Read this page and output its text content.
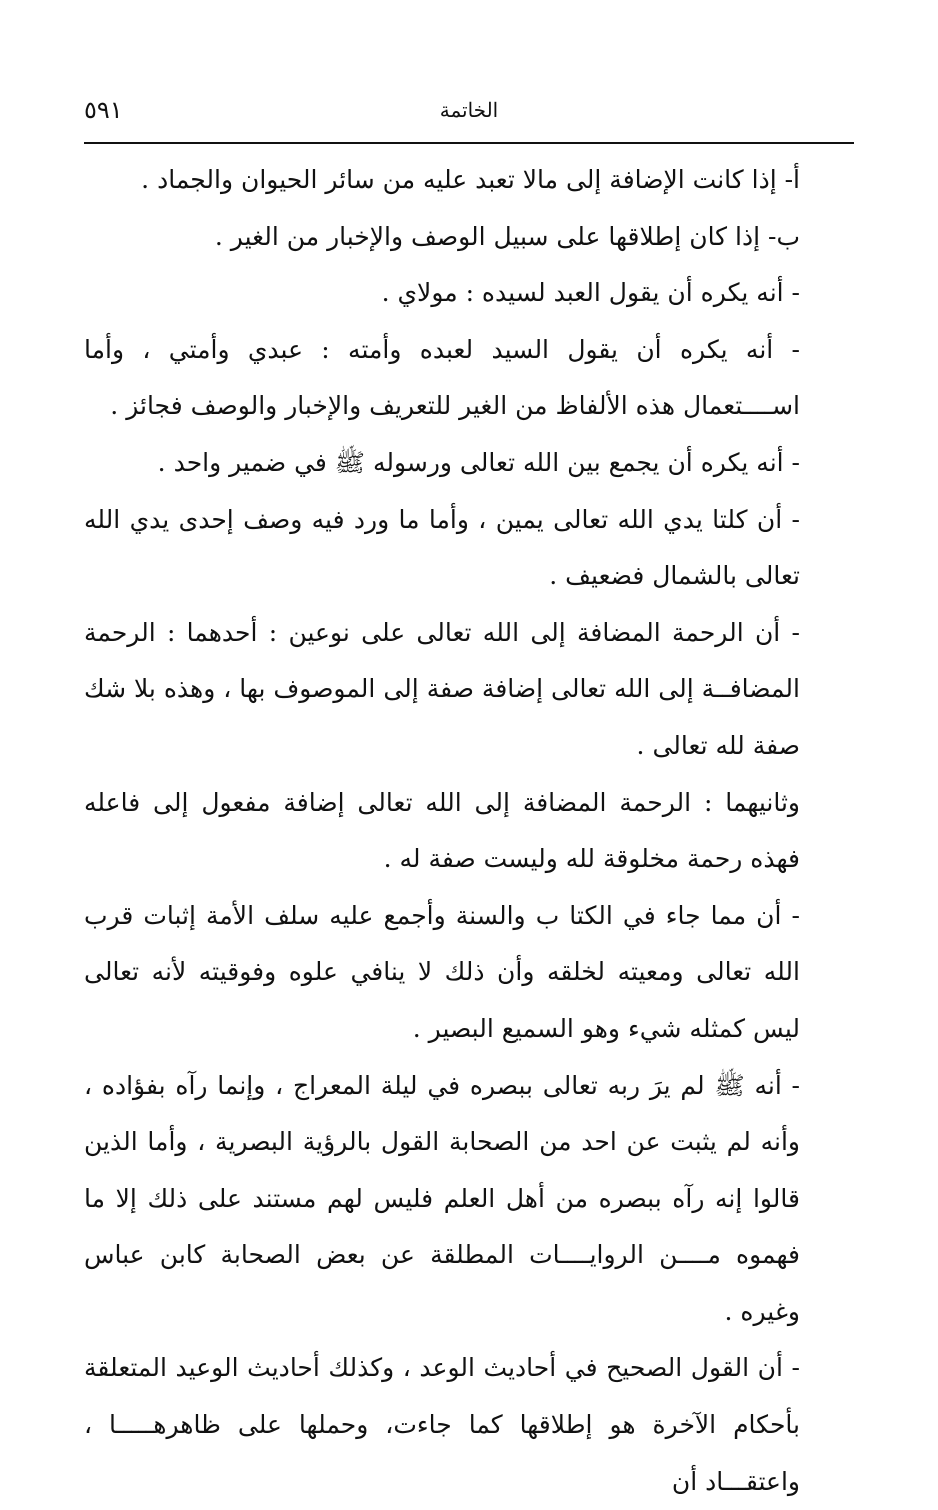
الخاتمة
٥٩١

أ- إذا كانت الإضافة إلى مالا تعبد عليه من سائر الحيوان والجماد .

ب- إذا كان إطلاقها على سبيل الوصف والإخبار من الغير .

- أنه يكره أن يقول العبد لسيده : مولاي .

- أنه يكره أن يقول السيد لعبده وأمته : عبدي وأمتي ، وأما اســــتعمال هذه الألفاظ من الغير للتعريف والإخبار والوصف فجائز .

- أنه يكره أن يجمع بين الله تعالى ورسوله ﷺ في ضمير واحد .

- أن كلتا يدي الله تعالى يمين ، وأما ما ورد فيه وصف إحدى يدي الله تعالى بالشمال فضعيف .

- أن الرحمة المضافة إلى الله تعالى على نوعين : أحدهما : الرحمة المضافــة إلى الله تعالى إضافة صفة إلى الموصوف بها ، وهذه بلا شك صفة لله تعالى .

وثانيهما : الرحمة المضافة إلى الله تعالى إضافة مفعول إلى فاعله فهذه رحمة مخلوقة لله وليست صفة له .

- أن مما جاء في الكتا ب والسنة وأجمع عليه سلف الأمة إثبات قرب الله تعالى ومعيته لخلقه وأن ذلك لا ينافي علوه وفوقيته لأنه تعالى ليس كمثله شيء وهو السميع البصير .

- أنه ﷺ لم يرَ ربه تعالى ببصره في ليلة المعراج ، وإنما رآه بفؤاده ، وأنه لم يثبت عن احد من الصحابة القول بالرؤية البصرية ، وأما الذين قالوا إنه رآه ببصره من أهل العلم فليس لهم مستند على ذلك إلا ما فهموه مــــن الروايــــات المطلقة عن بعض الصحابة كابن عباس وغيره .

- أن القول الصحيح في أحاديث الوعد ، وكذلك أحاديث الوعيد المتعلقة بأحكام الآخرة هو إطلاقها كما جاءت، وحملها على ظاهرهـــــا ، واعتقـــاد أن
